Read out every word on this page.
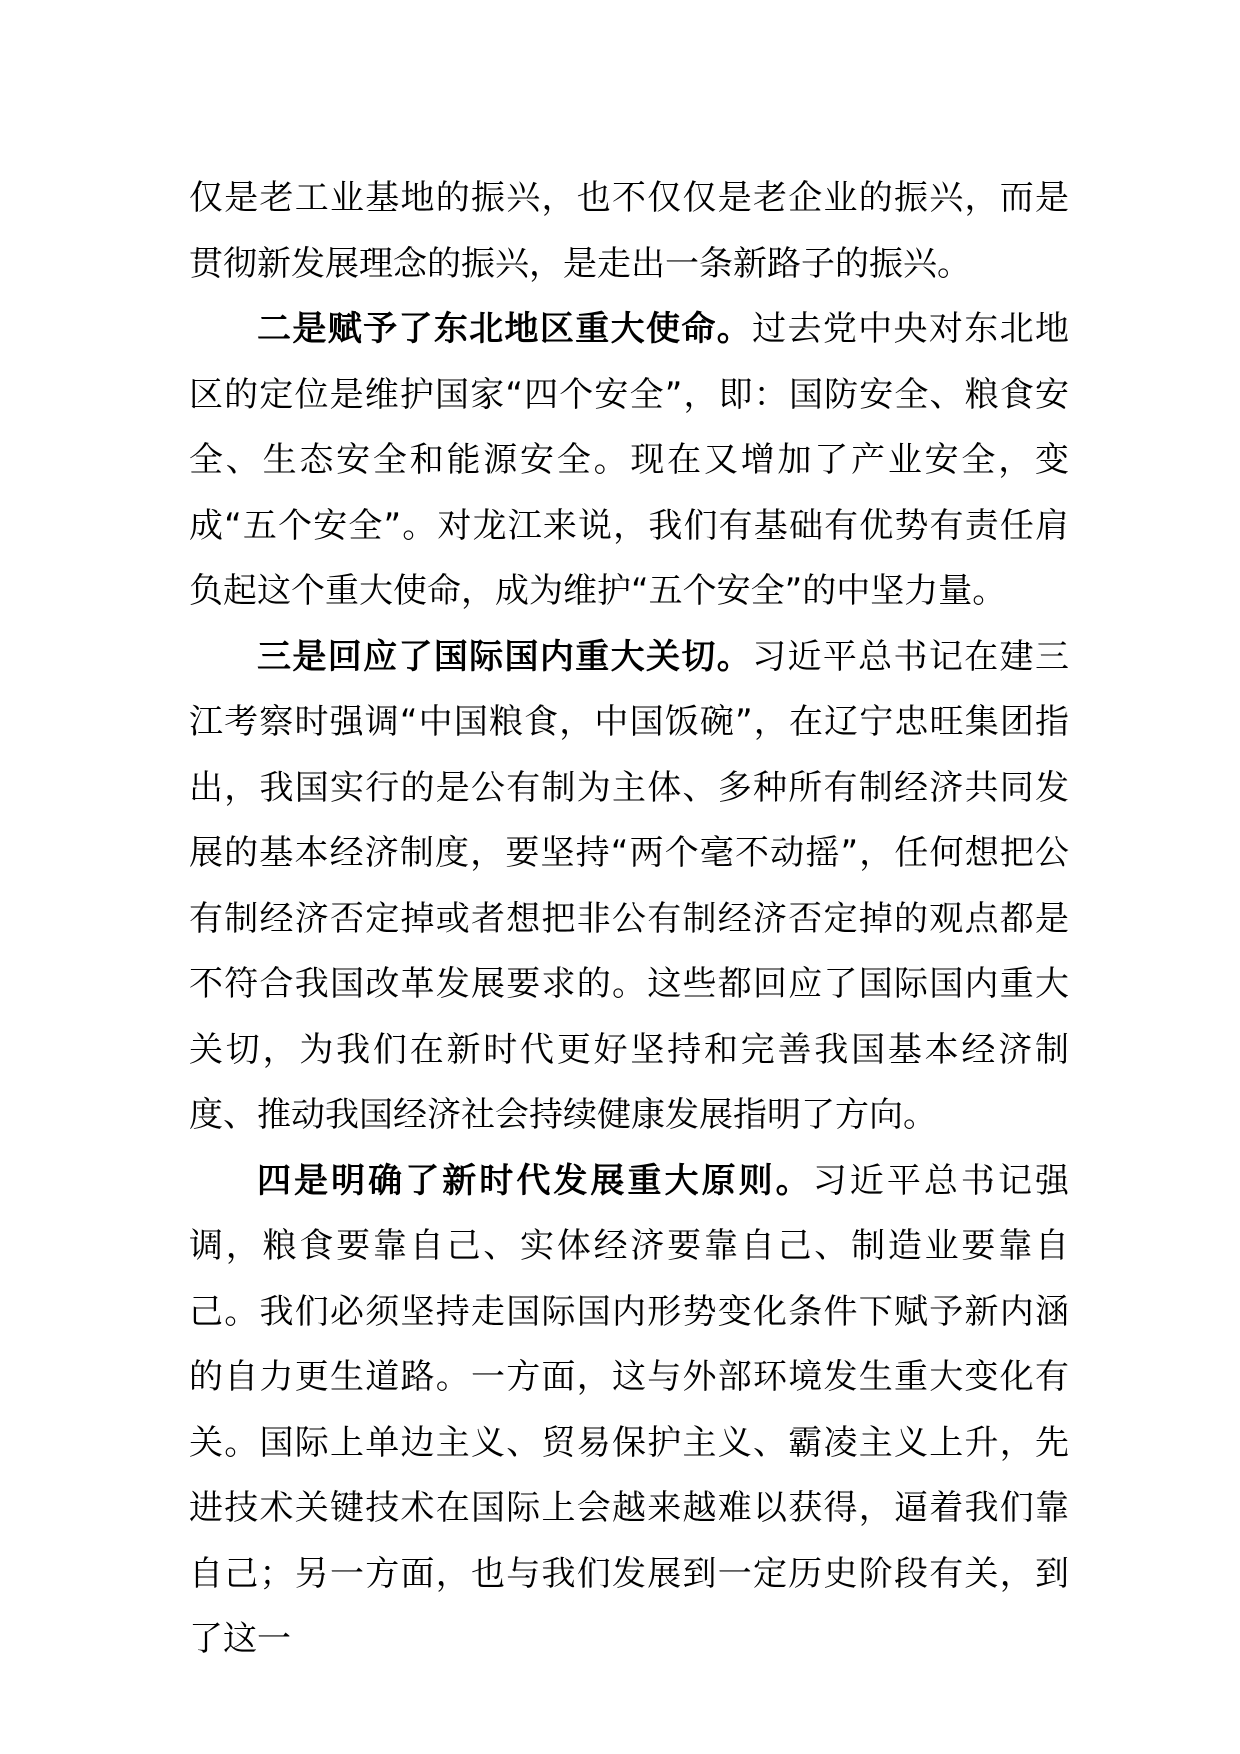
仅是老工业基地的振兴，也不仅仅是老企业的振兴，而是贯彻新发展理念的振兴，是走出一条新路子的振兴。

二是赋予了东北地区重大使命。过去党中央对东北地区的定位是维护国家“四个安全”，即：国防安全、粮食安全、生态安全和能源安全。现在又增加了产业安全，变成“五个安全”。对龙江来说，我们有基础有优势有责任肩负起这个重大使命，成为维护“五个安全”的中坚力量。

三是回应了国际国内重大关切。习近平总书记在建三江考察时强调“中国粮食，中国饭碗”，在辽宁忠旺集团指出，我国实行的是公有制为主体、多种所有制经济共同发展的基本经济制度，要坚持“两个毫不动摇”，任何想把公有制经济否定掉或者想把非公有制经济否定掉的观点都是不符合我国改革发展要求的。这些都回应了国际国内重大关切，为我们在新时代更好坚持和完善我国基本经济制度、推动我国经济社会持续健康发展指明了方向。

四是明确了新时代发展重大原则。习近平总书记强调，粮食要靠自己、实体经济要靠自己、制造业要靠自己。我们必须坚持走国际国内形势变化条件下赋予新内涵的自力更生道路。一方面，这与外部环境发生重大变化有关。国际上单边主义、贸易保护主义、霸凌主义上升，先进技术关键技术在国际上会越来越难以获得，逼着我们靠自己；另一方面，也与我们发展到一定历史阶段有关，到了这一
